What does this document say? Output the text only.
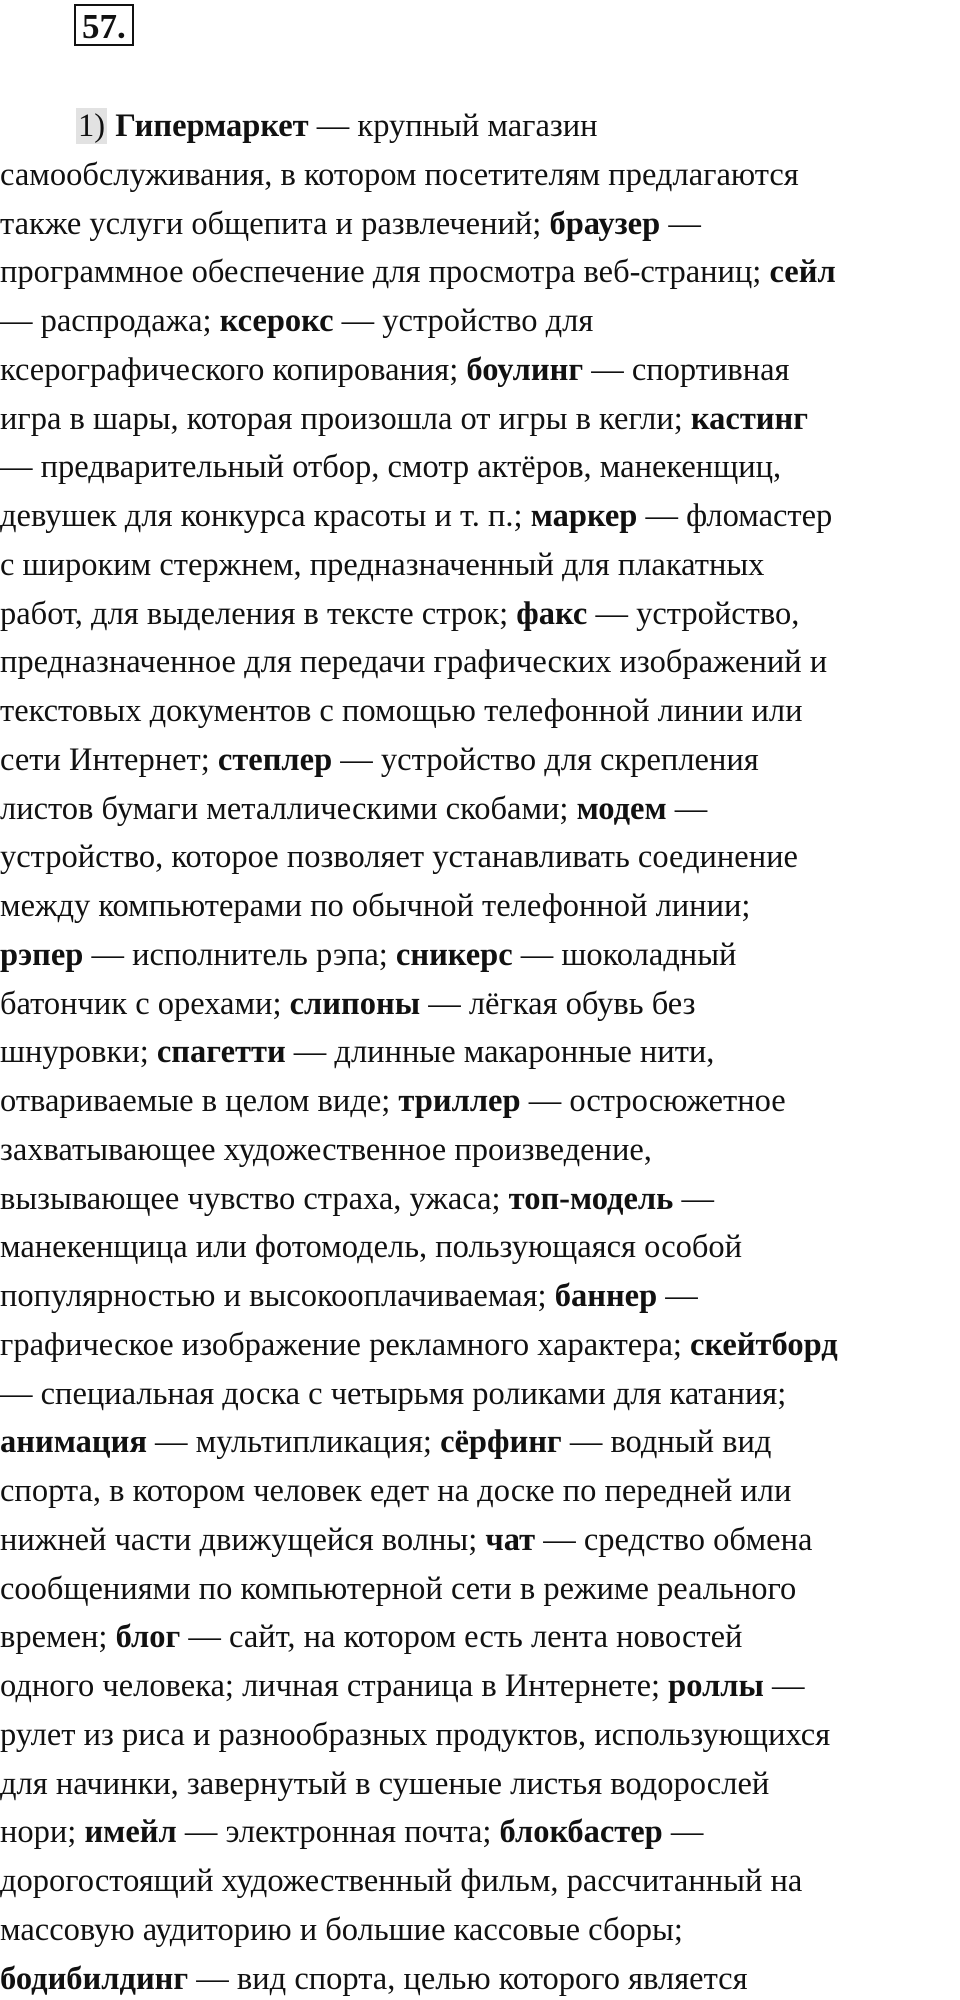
57.
1) Гипермаркет — крупный магазин
самообслуживания, в котором посетителям предлагаются
также услуги общепита и развлечений; браузер —
программное обеспечение для просмотра веб-страниц; сейл
— распродажа; ксерокс — устройство для
ксерографического копирования; боулинг — спортивная
игра в шары, которая произошла от игры в кегли; кастинг
— предварительный отбор, смотр актёров, манекенщиц,
девушек для конкурса красоты и т. п.; маркер — фломастер
с широким стержнем, предназначенный для плакатных
работ, для выделения в тексте строк; факс — устройство,
предназначенное для передачи графических изображений и
текстовых документов с помощью телефонной линии или
сети Интернет; степлер — устройство для скрепления
листов бумаги металлическими скобами; модем —
устройство, которое позволяет устанавливать соединение
между компьютерами по обычной телефонной линии;
рэпер — исполнитель рэпа; сникерс — шоколадный
батончик с орехами; слипоны — лёгкая обувь без
шнуровки; спагетти — длинные макаронные нити,
отвариваемые в целом виде; триллер — остросюжетное
захватывающее художественное произведение,
вызывающее чувство страха, ужаса; топ-модель —
манекенщица или фотомодель, пользующаяся особой
популярностью и высокооплачиваемая; баннер —
графическое изображение рекламного характера; скейтборд
— специальная доска с четырьмя роликами для катания;
анимация — мультипликация; сёрфинг — водный вид
спорта, в котором человек едет на доске по передней или
нижней части движущейся волны; чат — средство обмена
сообщениями по компьютерной сети в режиме реального
времен; блог — сайт, на котором есть лента новостей
одного человека; личная страница в Интернете; роллы —
рулет из риса и разнообразных продуктов, использующихся
для начинки, завернутый в сушеные листья водорослей
нори; имейл — электронная почта; блокбастер —
дорогостоящий художественный фильм, рассчитанный на
массовую аудиторию и большие кассовые сборы;
бодибилдинг — вид спорта, целью которого является
